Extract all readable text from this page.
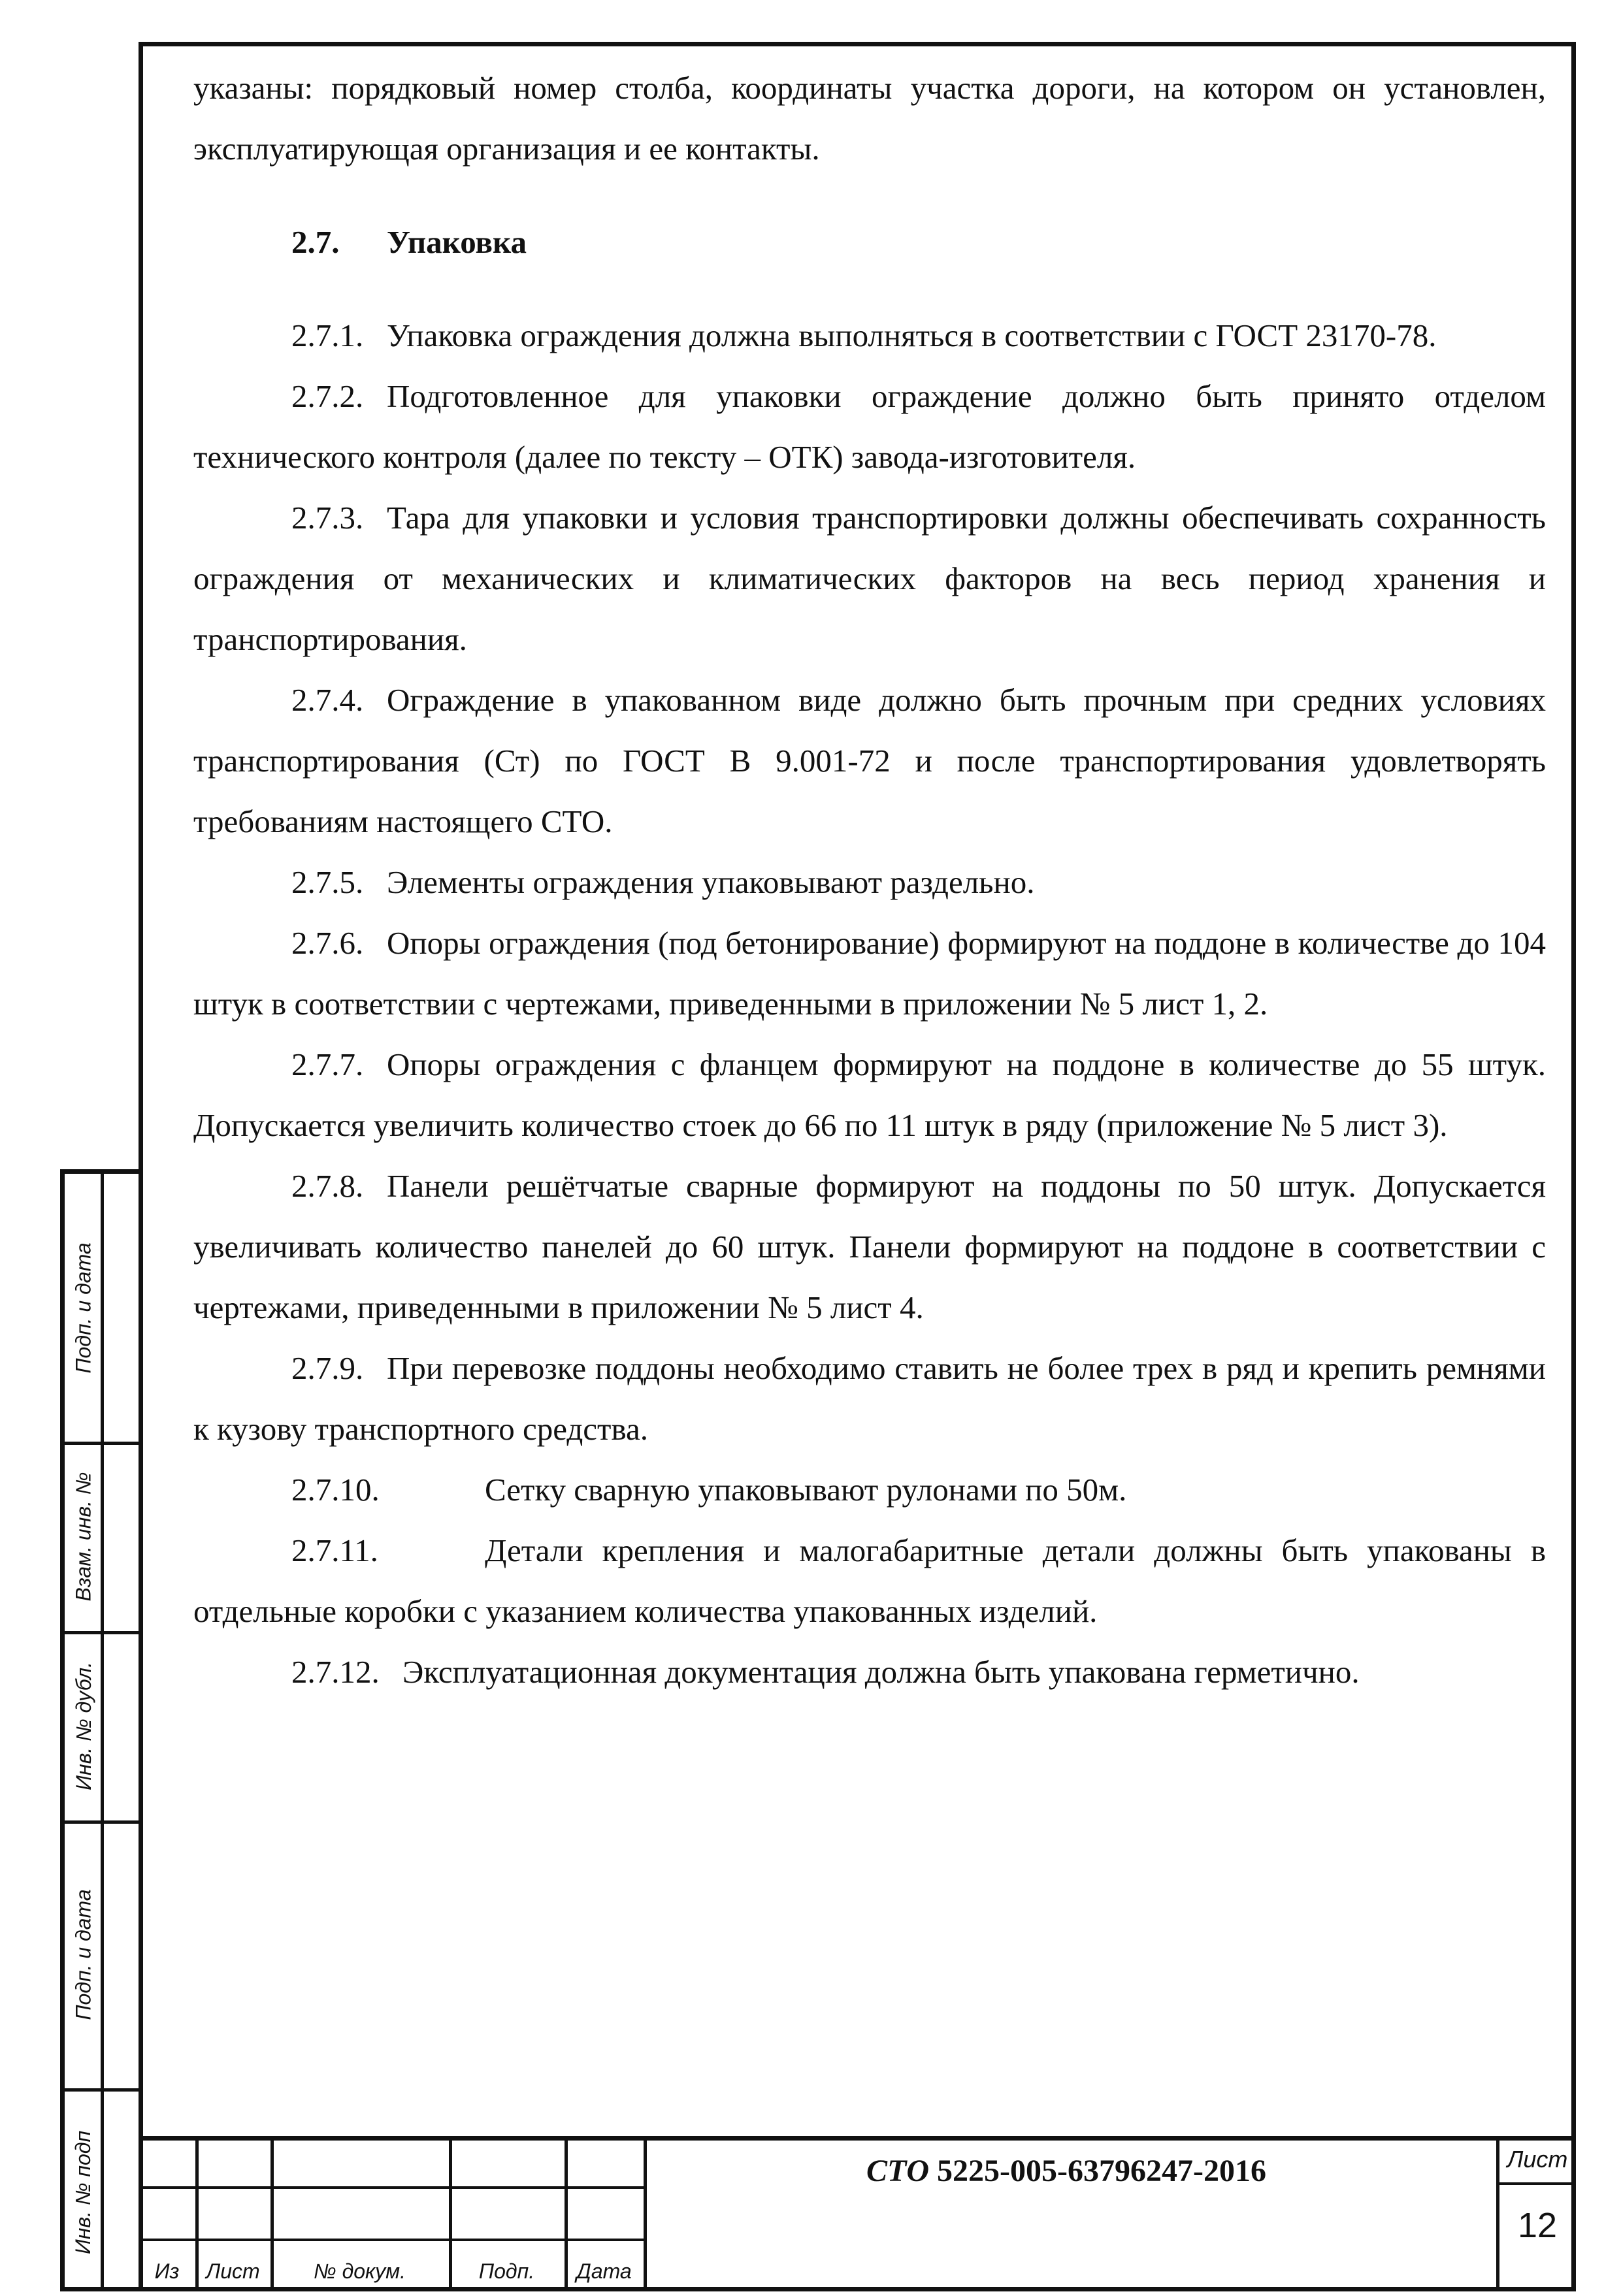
указаны: порядковый номер столба, координаты участка дороги, на котором он установлен, эксплуатирующая организация и ее контакты.

2.7.	Упаковка

2.7.1. Упаковка ограждения должна выполняться в соответствии с ГОСТ 23170-78.

2.7.2. Подготовленное для упаковки ограждение должно быть принято отделом технического контроля (далее по тексту – ОТК) завода-изготовителя.

2.7.3. Тара для упаковки и условия транспортировки должны обеспечивать сохранность ограждения от механических и климатических факторов на весь период хранения и транспортирования.

2.7.4. Ограждение в упакованном виде должно быть прочным при средних условиях транспортирования (Ст) по ГОСТ В 9.001-72 и после транспортирования удовлетворять требованиям настоящего СТО.

2.7.5. Элементы ограждения упаковывают раздельно.

2.7.6. Опоры ограждения (под бетонирование) формируют на поддоне в количестве до 104 штук в соответствии с чертежами, приведенными в приложении № 5 лист 1, 2.

2.7.7. Опоры ограждения с фланцем формируют на поддоне в количестве до 55 штук. Допускается увеличить количество стоек до 66 по 11 штук в ряду (приложение № 5 лист 3).

2.7.8. Панели решётчатые сварные формируют на поддоны по 50 штук. Допускается увеличивать количество панелей до 60 штук. Панели формируют на поддоне в соответствии с чертежами, приведенными в приложении № 5 лист 4.

2.7.9. При перевозке поддоны необходимо ставить не более трех в ряд и крепить ремнями к кузову транспортного средства.

2.7.10.	Сетку сварную упаковывают рулонами по 50м.

2.7.11.	Детали крепления и малогабаритные детали должны быть упакованы в отдельные коробки с указанием количества упакованных изделий.

2.7.12. Эксплуатационная документация должна быть упакована герметично.

Подп. и дата
Взам. инв. №
Инв. № дубл.
Подп. и дата
Инв. № подп
Из	Лист	№ докум.	Подп.	Дата
СТО 5225-005-63796247-2016	Лист
12
